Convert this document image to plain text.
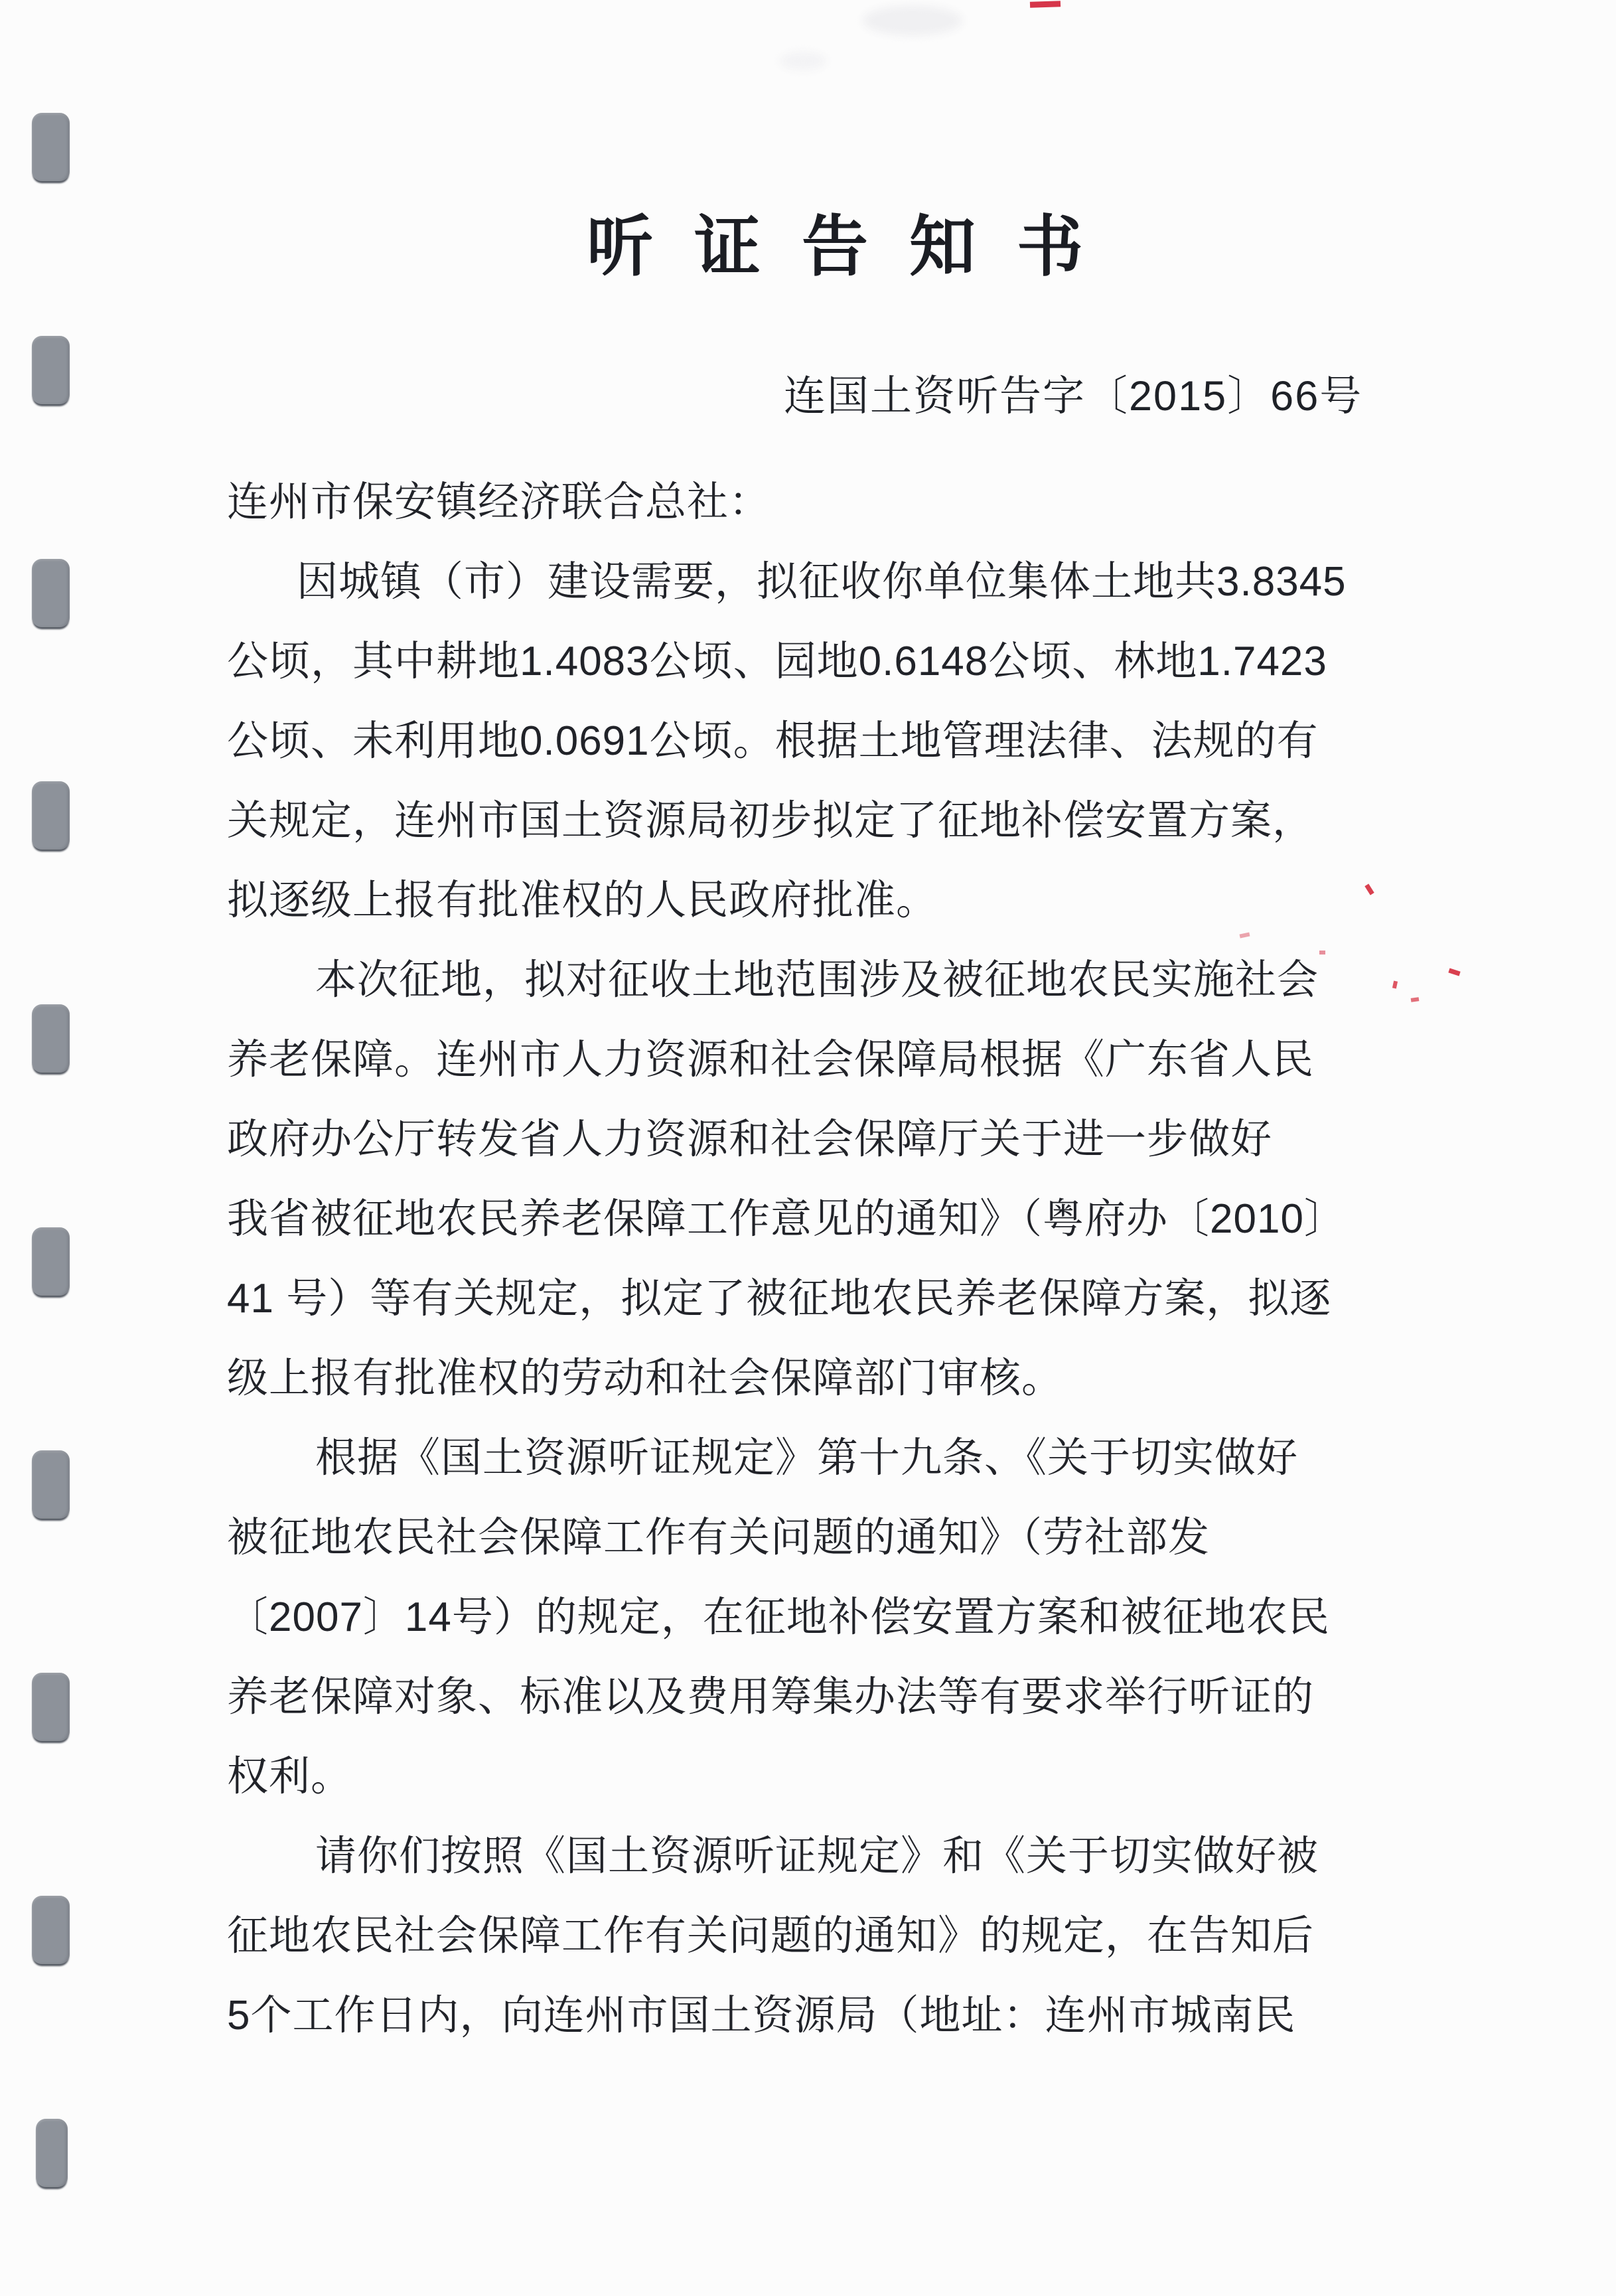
听证告知书
连国土资听告字〔2015〕66号
连州市保安镇经济联合总社：
因城镇（市）建设需要，拟征收你单位集体土地共3.8345
公顷，其中耕地1.4083公顷、园地0.6148公顷、林地1.7423
公顷、未利用地0.0691公顷。根据土地管理法律、法规的有
关规定，连州市国土资源局初步拟定了征地补偿安置方案，
拟逐级上报有批准权的人民政府批准。
本次征地，拟对征收土地范围涉及被征地农民实施社会
养老保障。连州市人力资源和社会保障局根据《广东省人民
政府办公厅转发省人力资源和社会保障厅关于进一步做好
我省被征地农民养老保障工作意见的通知》（粤府办〔2010〕
41 号）等有关规定，拟定了被征地农民养老保障方案，拟逐
级上报有批准权的劳动和社会保障部门审核。
根据《国土资源听证规定》第十九条、《关于切实做好
被征地农民社会保障工作有关问题的通知》（劳社部发
〔2007〕14号）的规定，在征地补偿安置方案和被征地农民
养老保障对象、标准以及费用筹集办法等有要求举行听证的
权利。
请你们按照《国土资源听证规定》和《关于切实做好被
征地农民社会保障工作有关问题的通知》的规定，在告知后
5个工作日内，向连州市国土资源局（地址：连州市城南民
